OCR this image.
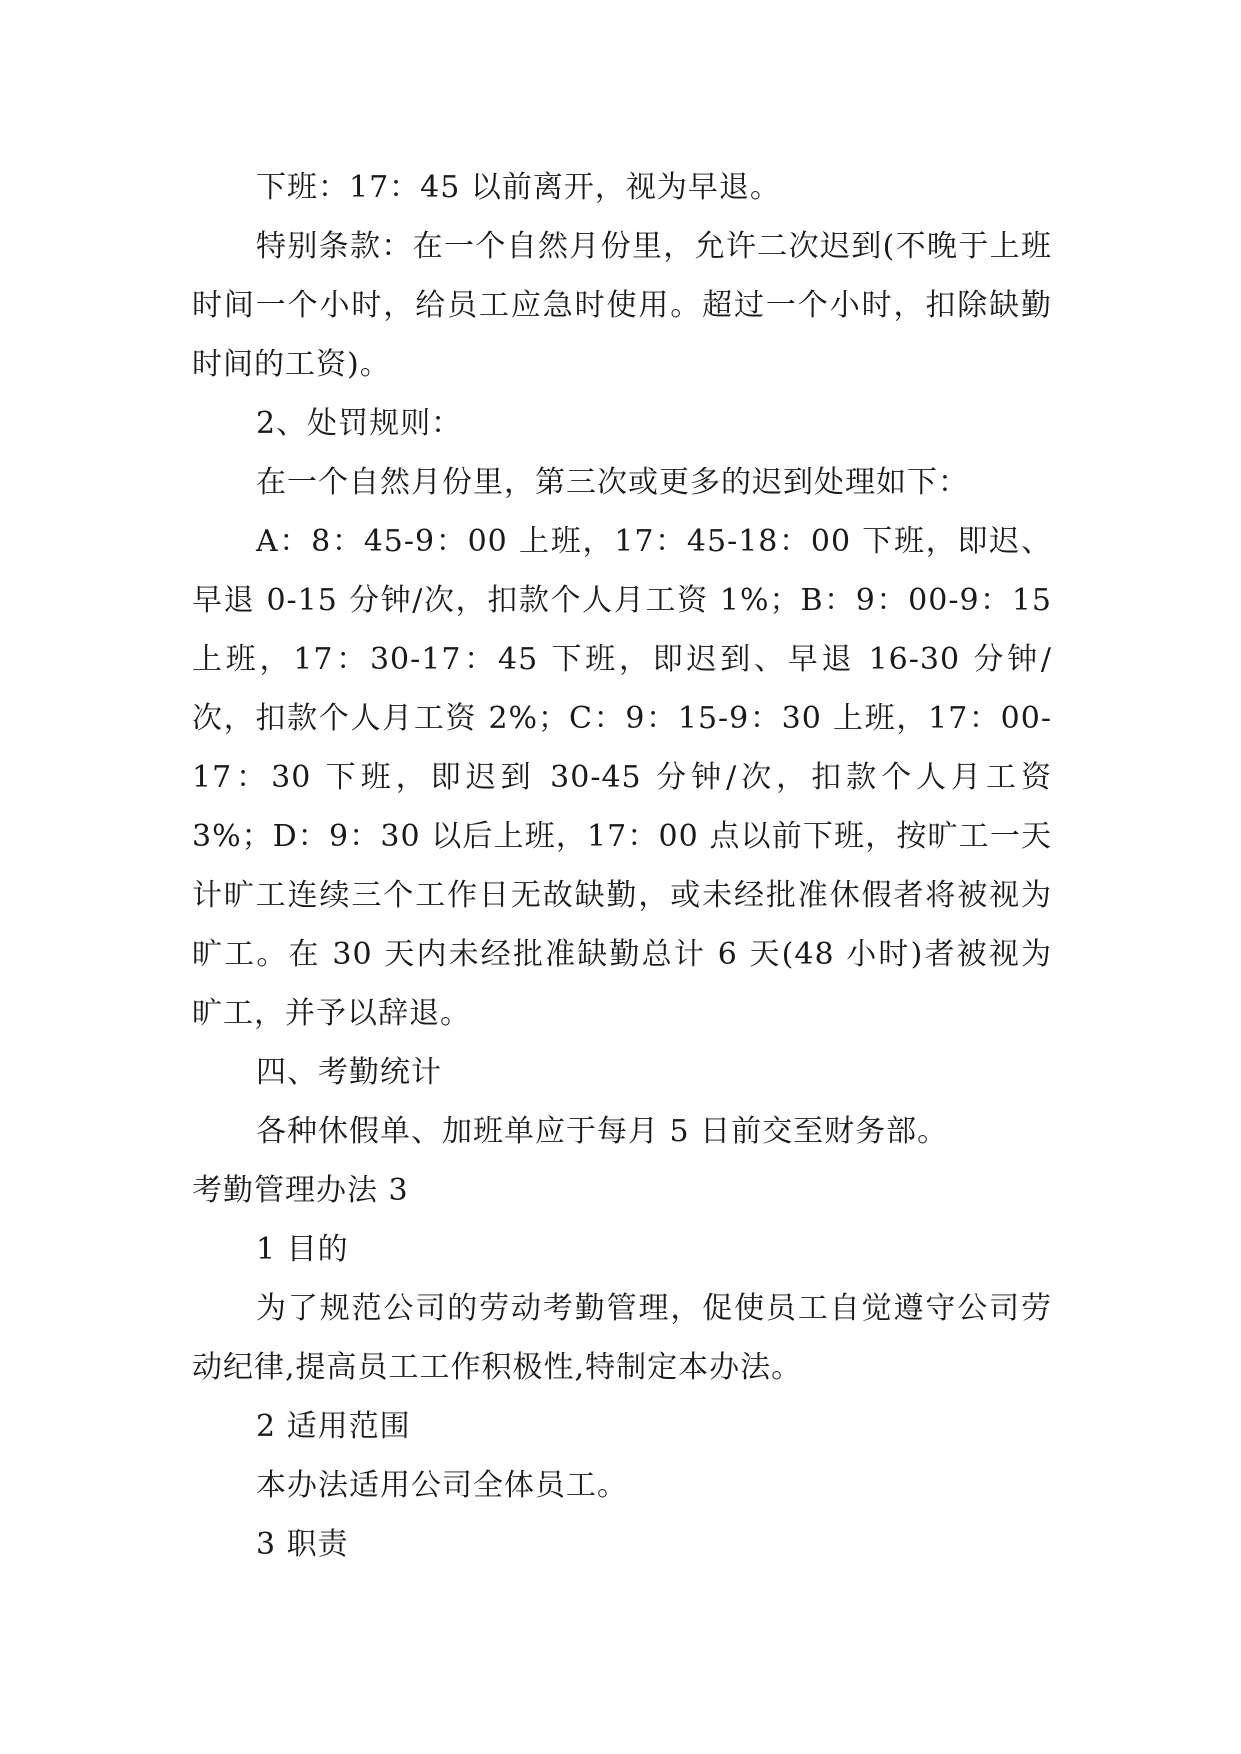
下班：17：45 以前离开，视为早退。

特别条款：在一个自然月份里，允许二次迟到(不晚于上班时间一个小时，给员工应急时使用。超过一个小时，扣除缺勤时间的工资)。

2、处罚规则：

在一个自然月份里，第三次或更多的迟到处理如下：

A：8：45-9：00 上班，17：45-18：00 下班，即迟、早退 0-15 分钟/次，扣款个人月工资 1%；B：9：00-9：15 上班，17：30-17：45 下班，即迟到、早退 16-30 分钟/次，扣款个人月工资 2%；C：9：15-9：30 上班，17：00-17：30 下班，即迟到 30-45 分钟/次，扣款个人月工资 3%；D：9：30 以后上班，17：00 点以前下班，按旷工一天计旷工连续三个工作日无故缺勤，或未经批准休假者将被视为旷工。在 30 天内未经批准缺勤总计 6 天(48 小时)者被视为旷工，并予以辞退。

四、考勤统计

各种休假单、加班单应于每月 5 日前交至财务部。

考勤管理办法 3

1 目的

为了规范公司的劳动考勤管理，促使员工自觉遵守公司劳动纪律,提高员工工作积极性,特制定本办法。

2 适用范围

本办法适用公司全体员工。

3 职责
